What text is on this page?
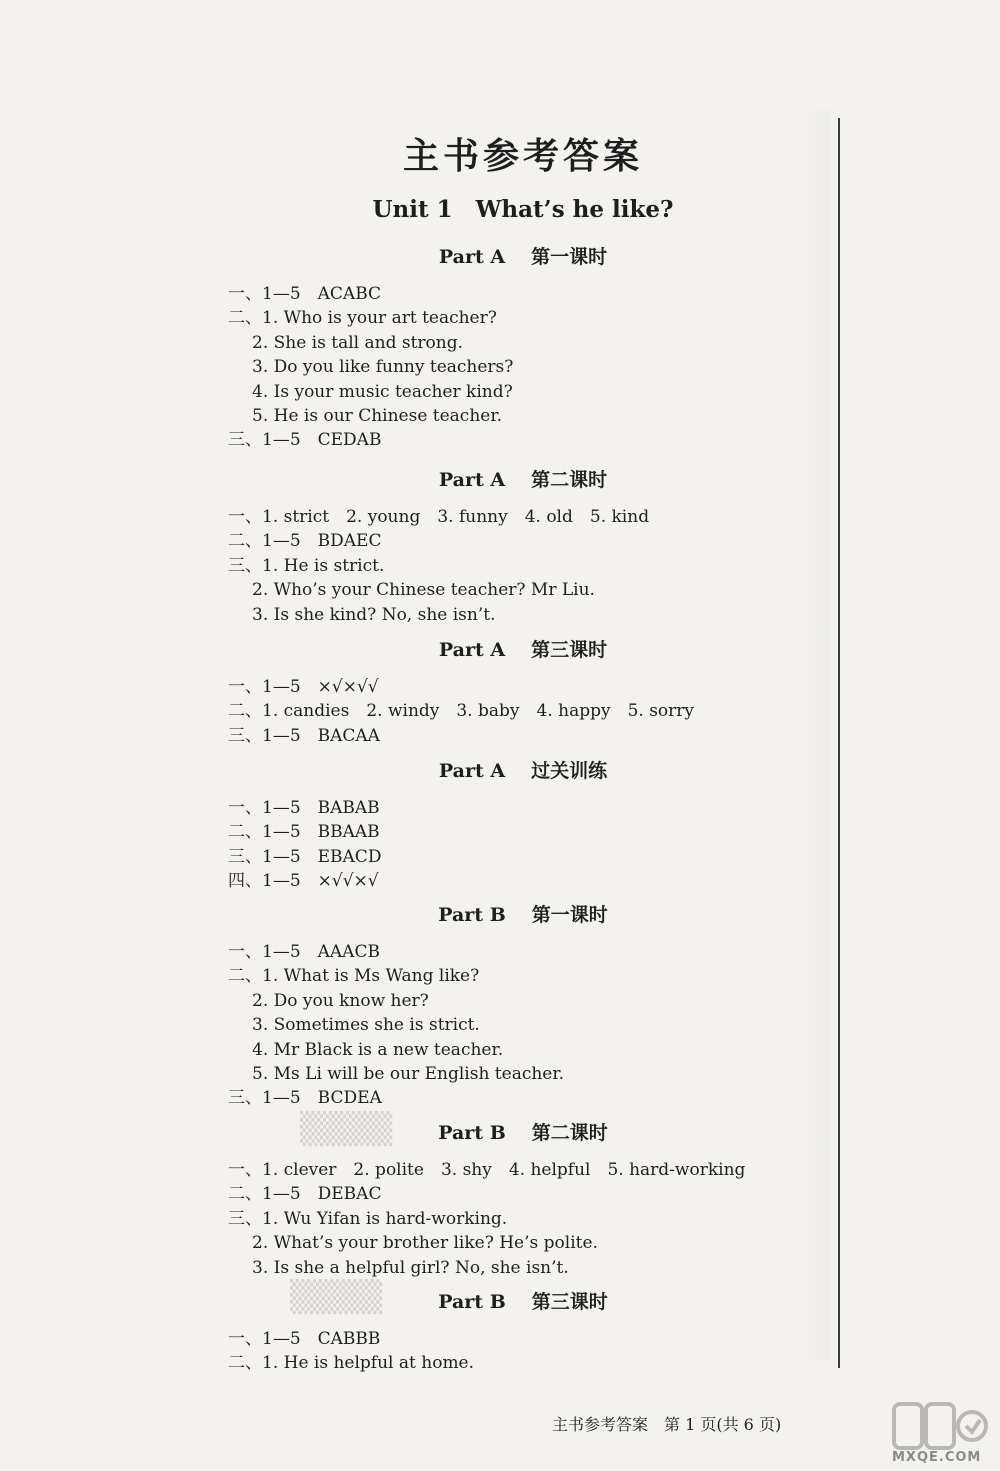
主书参考答案
Unit 1　What’s he like?
Part A 第一课时
一、1—5　ACABC
二、1. Who is your art teacher?
2. She is tall and strong.
3. Do you like funny teachers?
4. Is your music teacher kind?
5. He is our Chinese teacher.
三、1—5　CEDAB
Part A 第二课时
一、1. strict　2. young　3. funny　4. old　5. kind
二、1—5　BDAEC
三、1. He is strict.
2. Who’s your Chinese teacher? Mr Liu.
3. Is she kind? No, she isn’t.
Part A 第三课时
一、1—5　×√×√√
二、1. candies　2. windy　3. baby　4. happy　5. sorry
三、1—5　BACAA
Part A 过关训练
一、1—5　BABAB
二、1—5　BBAAB
三、1—5　EBACD
四、1—5　×√√×√
Part B 第一课时
一、1—5　AAACB
二、1. What is Ms Wang like?
2. Do you know her?
3. Sometimes she is strict.
4. Mr Black is a new teacher.
5. Ms Li will be our English teacher.
三、1—5　BCDEA
Part B 第二课时
一、1. clever　2. polite　3. shy　4. helpful　5. hard-working
二、1—5　DEBAC
三、1. Wu Yifan is hard-working.
2. What’s your brother like? He’s polite.
3. Is she a helpful girl? No, she isn’t.
Part B 第三课时
一、1—5　CABBB
二、1. He is helpful at home.
▒▒▒▒
▒▒▒▒
主书参考答案　第 1 页(共 6 页)
MXQE.COM
